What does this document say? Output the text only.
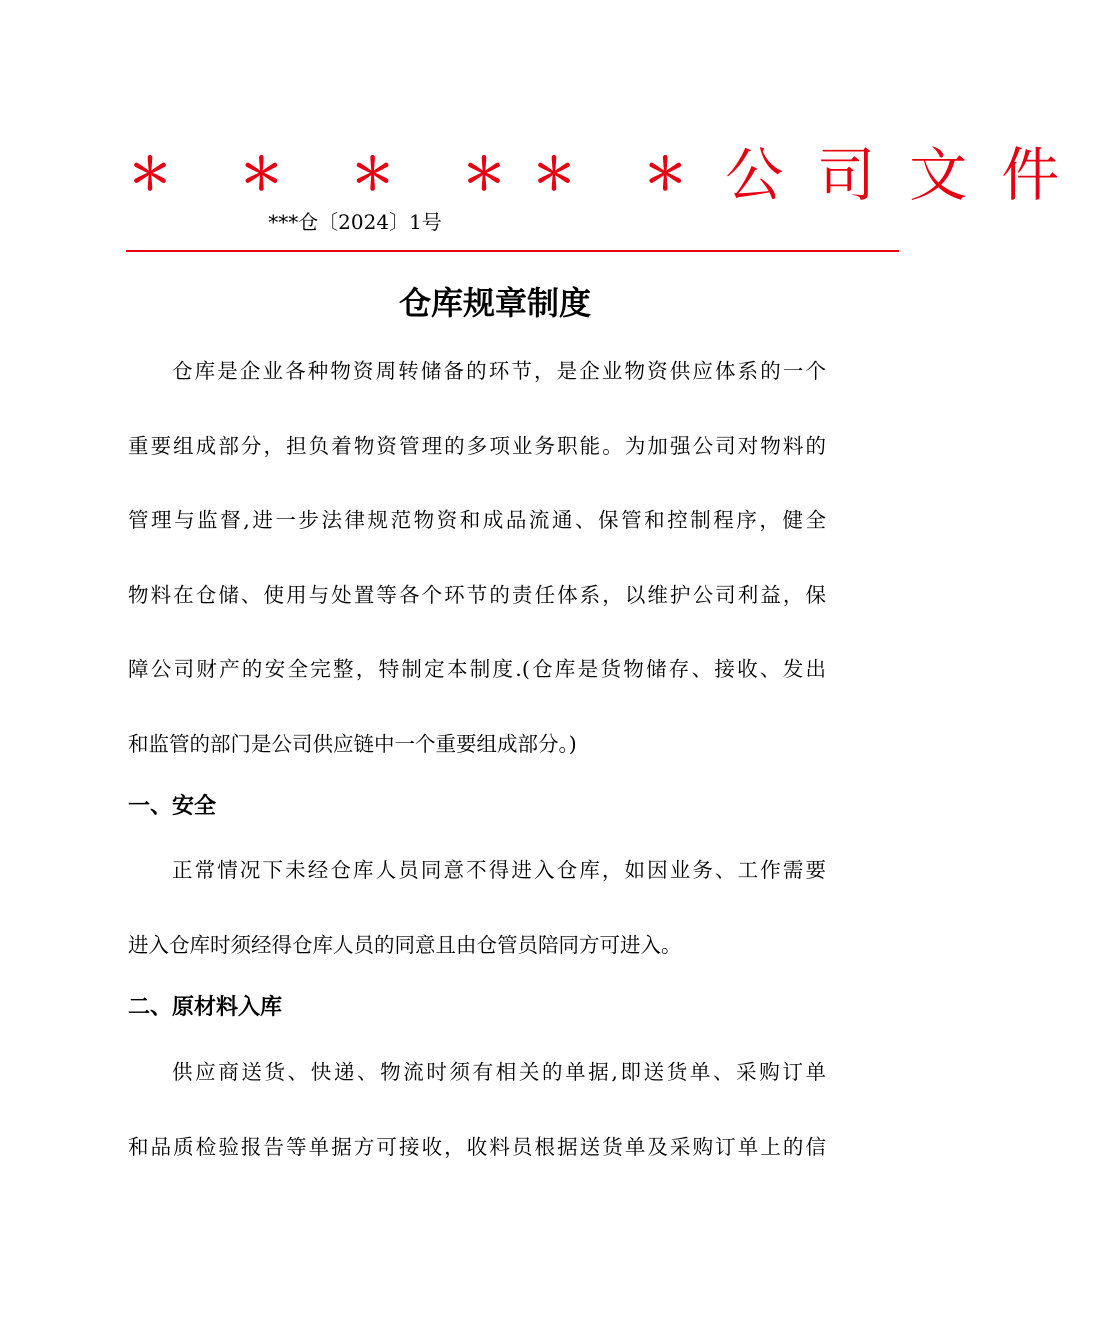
＊ ＊ ＊ ＊＊ ＊ 公司文件
***仓〔2024〕1号
仓库规章制度
仓库是企业各种物资周转储备的环节，是企业物资供应体系的一个
重要组成部分，担负着物资管理的多项业务职能。为加强公司对物料的
管理与监督,进一步法律规范物资和成品流通、保管和控制程序，健全
物料在仓储、使用与处置等各个环节的责任体系，以维护公司利益，保
障公司财产的安全完整，特制定本制度.(仓库是货物储存、接收、发出
和监管的部门是公司供应链中一个重要组成部分。)
一、安全
正常情况下未经仓库人员同意不得进入仓库，如因业务、工作需要
进入仓库时须经得仓库人员的同意且由仓管员陪同方可进入。
二、原材料入库
供应商送货、快递、物流时须有相关的单据,即送货单、采购订单
和品质检验报告等单据方可接收，收料员根据送货单及采购订单上的信
